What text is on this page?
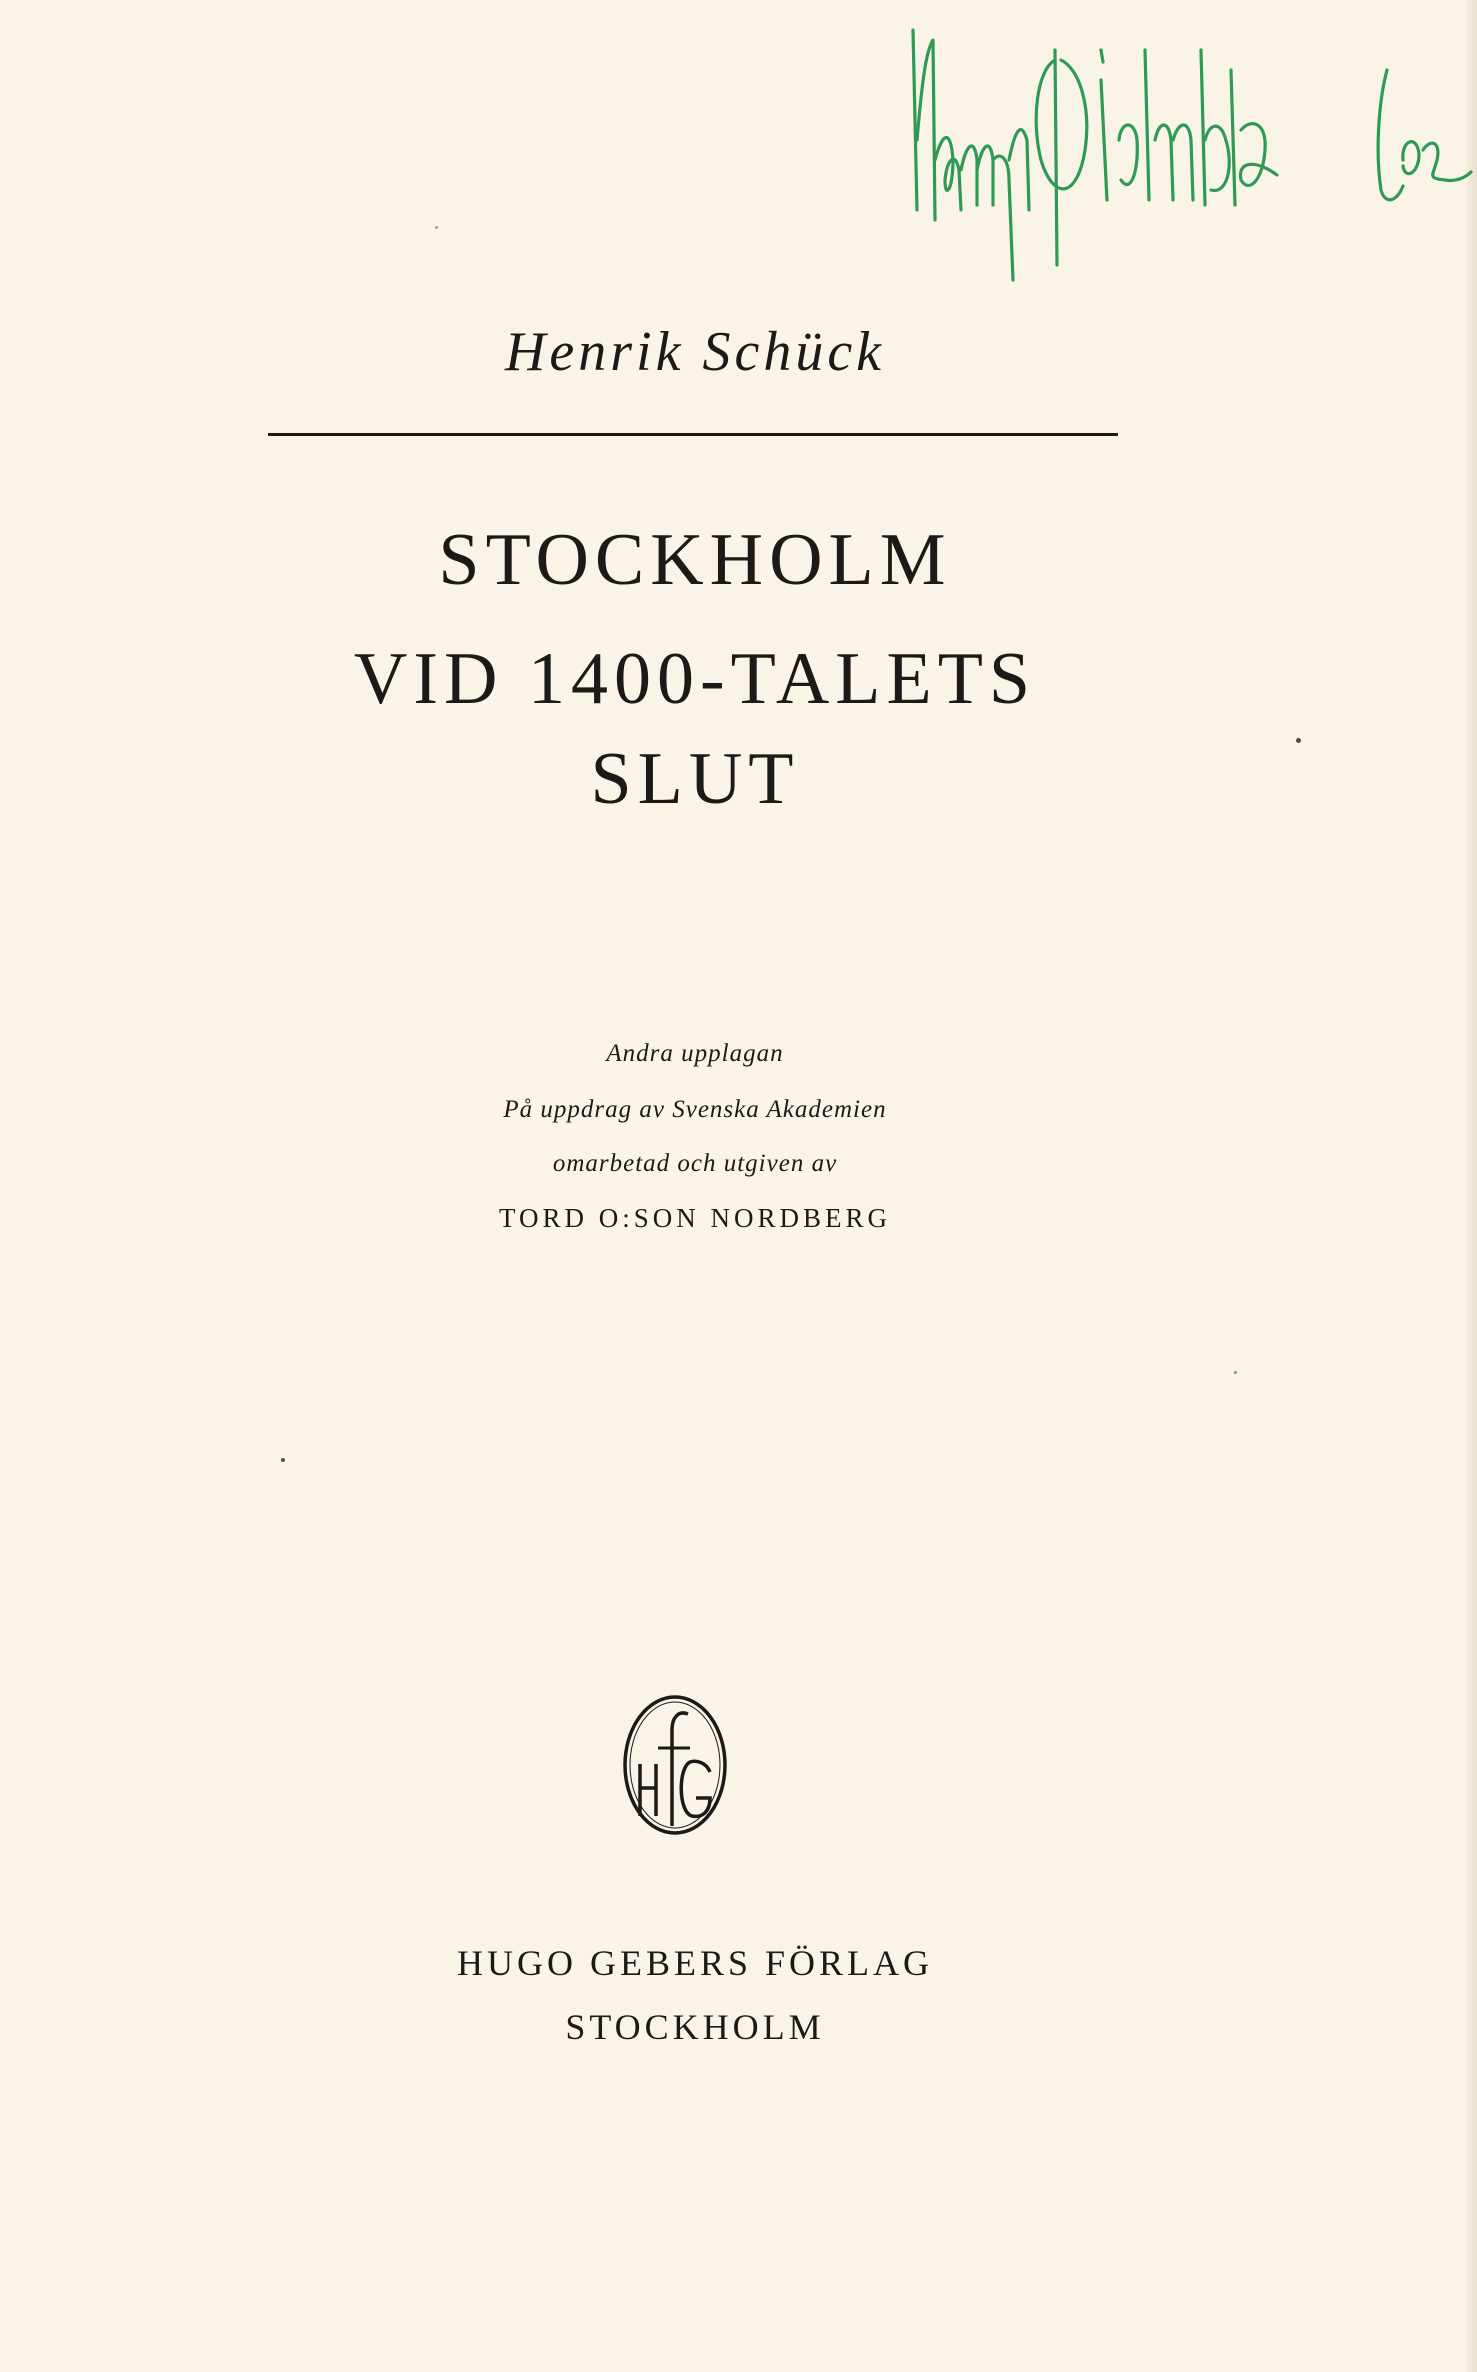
Henrik Schück
STOCKHOLM
VID 1400-TALETS
SLUT
Andra upplagan
På uppdrag av Svenska Akademien
omarbetad och utgiven av
TORD O:SON NORDBERG
HUGO GEBERS FÖRLAG
STOCKHOLM
